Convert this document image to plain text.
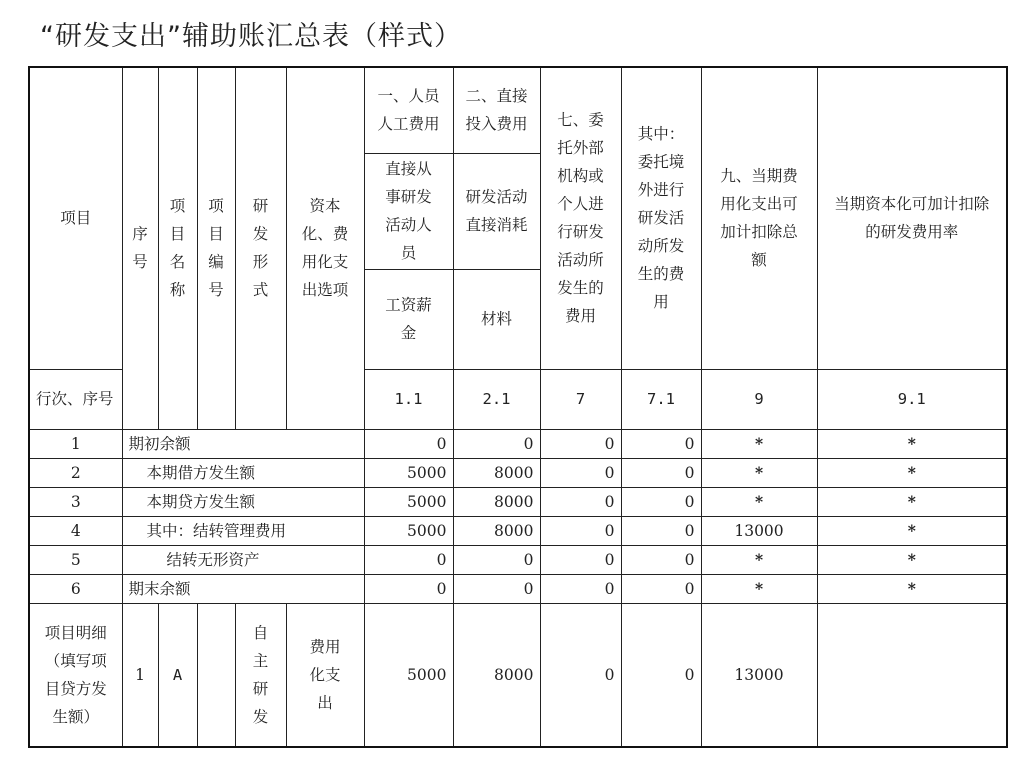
“研发支出”辅助账汇总表（样式）
项目	序号	项目名称	项目编号	研发形式	资本化、费用化支出选项	一、人员人工费用	二、直接投入费用	七、委托外部机构或个人进行研发活动所发生的费用	其中：委托境外进行研发活动所发生的费用	九、当期费用化支出可加计扣除总额	当期资本化可加计扣除的研发费用率
						直接从事研发活动人员	研发活动直接消耗				
						工资薪金	材料				
行次、序号						1.1	2.1	7	7.1	9	9.1
1	期初余额					0	0	0	0	*	*
2	本期借方发生额					5000	8000	0	0	*	*
3	本期贷方发生额					5000	8000	0	0	*	*
4	其中：结转管理费用					5000	8000	0	0	13000	*
5	结转无形资产					0	0	0	0	*	*
6	期末余额					0	0	0	0	*	*
项目明细（填写项目贷方发生额）	1	A		自主研发	费用化支出	5000	8000	0	0	13000	
